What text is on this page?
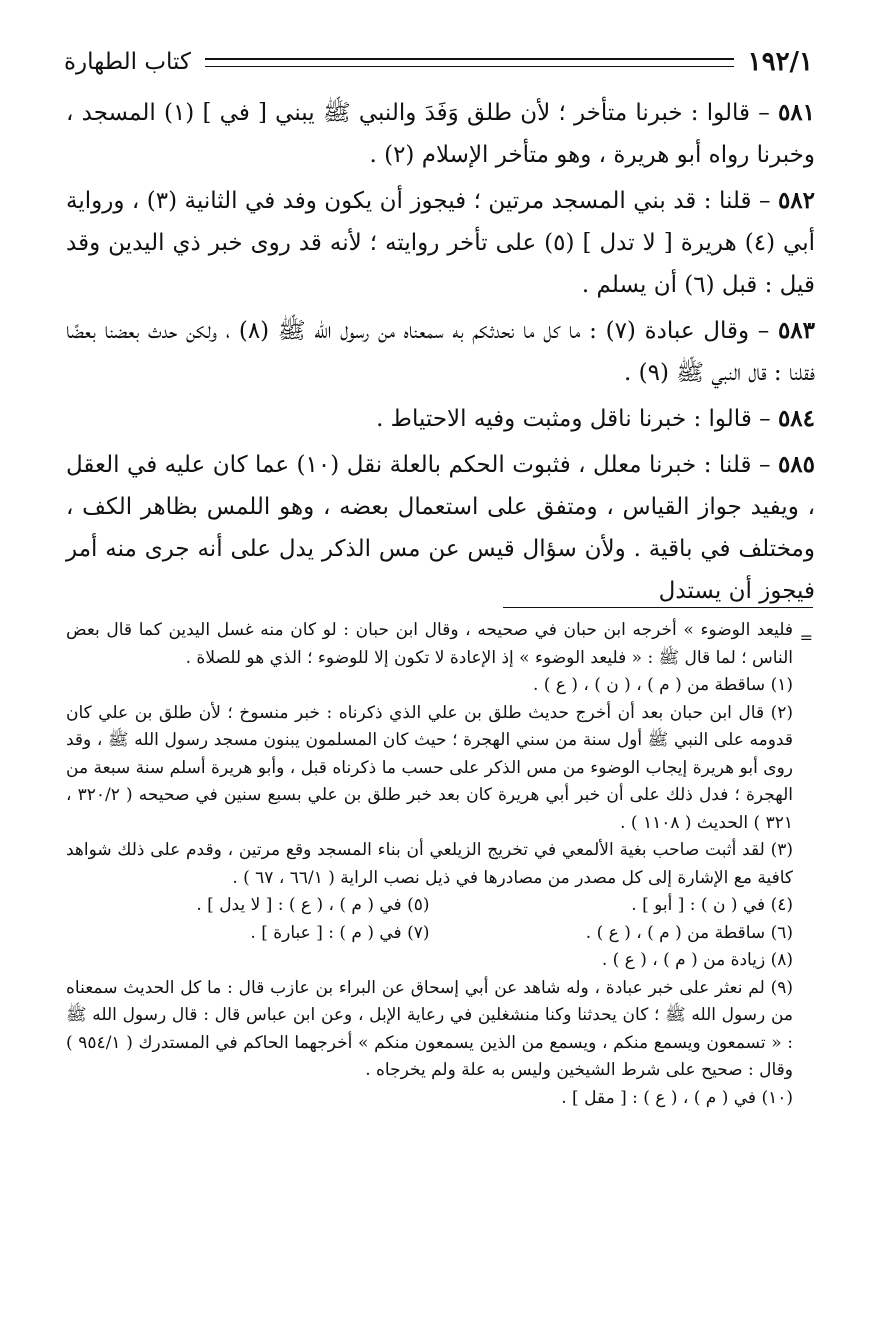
١٩٢/١
كتاب الطهارة

٥٨١ – قالوا : خبرنا متأخر ؛ لأن طلق وَفَدَ والنبي ﷺ يبني [ في ] (١) المسجد ، وخبرنا رواه أبو هريرة ، وهو متأخر الإسلام (٢) .

٥٨٢ – قلنا : قد بني المسجد مرتين ؛ فيجوز أن يكون وفد في الثانية (٣) ، ورواية أبي (٤) هريرة [ لا تدل ] (٥) على تأخر روايته ؛ لأنه قد روى خبر ذي اليدين وقد قيل : قبل (٦) أن يسلم .

٥٨٣ – وقال عبادة (٧) : ما كل ما نحدثكم به سمعناه من رسول الله ﷺ (٨) ، ولكن حدث بعضنا بعضًا فقلنا : قال النبي ﷺ (٩) .

٥٨٤ – قالوا : خبرنا ناقل ومثبت وفيه الاحتياط .

٥٨٥ – قلنا : خبرنا معلل ، فثبوت الحكم بالعلة نقل (١٠) عما كان عليه في العقل ، ويفيد جواز القياس ، ومتفق على استعمال بعضه ، وهو اللمس بظاهر الكف ، ومختلف في باقية . ولأن سؤال قيس عن مس الذكر يدل على أنه جرى منه أمر فيجوز أن يستدل

=

فليعد الوضوء » أخرجه ابن حبان في صحيحه ، وقال ابن حبان : لو كان منه غسل اليدين كما قال بعض الناس ؛ لما قال ﷺ : « فليعد الوضوء » إذ الإعادة لا تكون إلا للوضوء ؛ الذي هو للصلاة .

(١) ساقطة من ( م ) ، ( ن ) ، ( ع ) .

(٢) قال ابن حبان بعد أن أخرج حديث طلق بن علي الذي ذكرناه : خبر منسوخ ؛ لأن طلق بن علي كان قدومه على النبي ﷺ أول سنة من سني الهجرة ؛ حيث كان المسلمون يبنون مسجد رسول الله ﷺ ، وقد روى أبو هريرة إيجاب الوضوء من مس الذكر على حسب ما ذكرناه قبل ، وأبو هريرة أسلم سنة سبعة من الهجرة ؛ فدل ذلك على أن خبر أبي هريرة كان بعد خبر طلق بن علي بسبع سنين في صحيحه ( ٣٢٠/٢ ، ٣٢١ ) الحديث ( ١١٠٨ ) .

(٣) لقد أثبت صاحب بغية الألمعي في تخريج الزيلعي أن بناء المسجد وقع مرتين ، وقدم على ذلك شواهد كافية مع الإشارة إلى كل مصدر من مصادرها في ذيل نصب الراية ( ٦٦/١ ، ٦٧ ) .

(٤) في ( ن ) : [ أبو ] .
(٥) في ( م ) ، ( ع ) : [ لا يدل ] .
(٦) ساقطة من ( م ) ، ( ع ) .
(٧) في ( م ) : [ عبارة ] .

(٨) زيادة من ( م ) ، ( ع ) .

(٩) لم نعثر على خبر عبادة ، وله شاهد عن أبي إسحاق عن البراء بن عازب قال : ما كل الحديث سمعناه من رسول الله ﷺ ؛ كان يحدثنا وكنا منشغلين في رعاية الإبل ، وعن ابن عباس قال : قال رسول الله ﷺ : « تسمعون ويسمع منكم ، ويسمع من الذين يسمعون منكم » أخرجهما الحاكم في المستدرك ( ٩٥٤/١ ) وقال : صحيح على شرط الشيخين وليس به علة ولم يخرجاه .

(١٠) في ( م ) ، ( ع ) : [ مقل ] .
